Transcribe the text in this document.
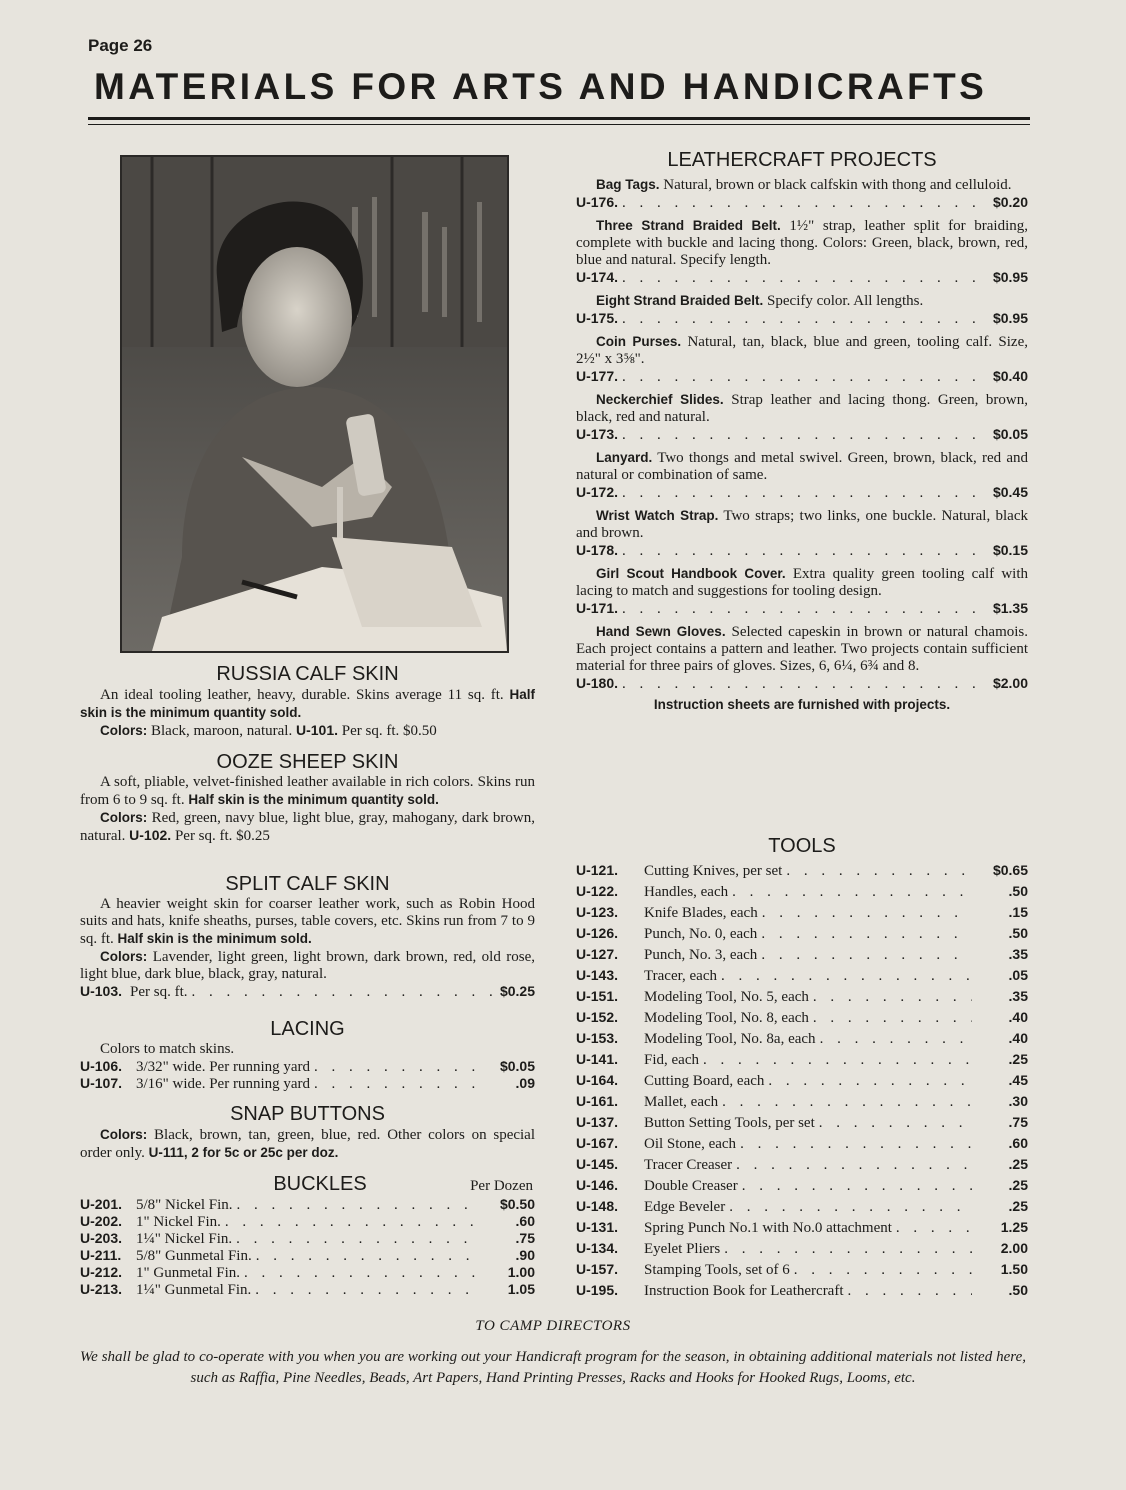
Page 26
MATERIALS FOR ARTS AND HANDICRAFTS
RUSSIA CALF SKIN

An ideal tooling leather, heavy, durable. Skins average 11 sq. ft. Half skin is the minimum quantity sold.

Colors: Black, maroon, natural. U-101. Per sq. ft. $0.50

OOZE SHEEP SKIN

A soft, pliable, velvet-finished leather available in rich colors. Skins run from 6 to 9 sq. ft. Half skin is the minimum quantity sold.

Colors: Red, green, navy blue, light blue, gray, mahogany, dark brown, natural. U-102. Per sq. ft. $0.25

SPLIT CALF SKIN

A heavier weight skin for coarser leather work, such as Robin Hood suits and hats, knife sheaths, purses, table covers, etc. Skins run from 7 to 9 sq. ft. Half skin is the minimum sold.

Colors: Lavender, light green, light brown, dark brown, red, old rose, light blue, dark blue, black, gray, natural.

U-103. Per sq. ft. . . .	$0.25
LACING

Colors to match skins.

U-106. 3/32" wide. Per running yard . . .	$0.05
U-107. 3/16" wide. Per running yard . . .	.09
SNAP BUTTONS

Colors: Black, brown, tan, green, blue, red. Other colors on special order only. U-111, 2 for 5c or 25c per doz.

BUCKLES	Per Dozen
U-201. 5/8" Nickel Fin. . . .	$0.50
U-202. 1" Nickel Fin. . . .	.60
U-203. 1¼" Nickel Fin. . . .	.75
U-211. 5/8" Gunmetal Fin. . . .	.90
U-212. 1" Gunmetal Fin. . . .	1.00
U-213. 1¼" Gunmetal Fin. . . .	1.05
LEATHERCRAFT PROJECTS

Bag Tags. Natural, brown or black calfskin with thong and celluloid.

U-176. . . .	$0.20

Three Strand Braided Belt. 1½" strap, leather split for braiding, complete with buckle and lacing thong. Colors: Green, black, brown, red, blue and natural. Specify length.

U-174. . . .	$0.95

Eight Strand Braided Belt. Specify color. All lengths.

U-175. . . .	$0.95

Coin Purses. Natural, tan, black, blue and green, tooling calf. Size, 2½" x 3⅝".

U-177. . . .	$0.40

Neckerchief Slides. Strap leather and lacing thong. Green, brown, black, red and natural.

U-173. . . .	$0.05

Lanyard. Two thongs and metal swivel. Green, brown, black, red and natural or combination of same.

U-172. . . .	$0.45

Wrist Watch Strap. Two straps; two links, one buckle. Natural, black and brown.

U-178. . . .	$0.15

Girl Scout Handbook Cover. Extra quality green tooling calf with lacing to match and suggestions for tooling design.

U-171. . . .	$1.35

Hand Sewn Gloves. Selected capeskin in brown or natural chamois. Each project contains a pattern and leather. Two projects contain sufficient material for three pairs of gloves. Sizes, 6, 6¼, 6¾ and 8.

U-180. . . .	$2.00
Instruction sheets are furnished with projects.
TOOLS
U-121.	Cutting Knives, per set . . .	$0.65
U-122.	Handles, each . . .	.50
U-123.	Knife Blades, each . . .	.15
U-126.	Punch, No. 0, each . . .	.50
U-127.	Punch, No. 3, each . . .	.35
U-143.	Tracer, each . . .	.05
U-151.	Modeling Tool, No. 5, each . . .	.35
U-152.	Modeling Tool, No. 8, each . . .	.40
U-153.	Modeling Tool, No. 8a, each . . .	.40
U-141.	Fid, each . . .	.25
U-164.	Cutting Board, each . . .	.45
U-161.	Mallet, each . . .	.30
U-137.	Button Setting Tools, per set . . .	.75
U-167.	Oil Stone, each . . .	.60
U-145.	Tracer Creaser . . .	.25
U-146.	Double Creaser . . .	.25
U-148.	Edge Beveler . . .	.25
U-131.	Spring Punch No.1 with No.0 attachment . . .	1.25
U-134.	Eyelet Pliers . . .	2.00
U-157.	Stamping Tools, set of 6 . . .	1.50
U-195.	Instruction Book for Leathercraft . . .	.50
TO CAMP DIRECTORS
We shall be glad to co-operate with you when you are working out your Handicraft program for the season, in obtaining additional materials not listed here, such as Raffia, Pine Needles, Beads, Art Papers, Hand Printing Presses, Racks and Hooks for Hooked Rugs, Looms, etc.
